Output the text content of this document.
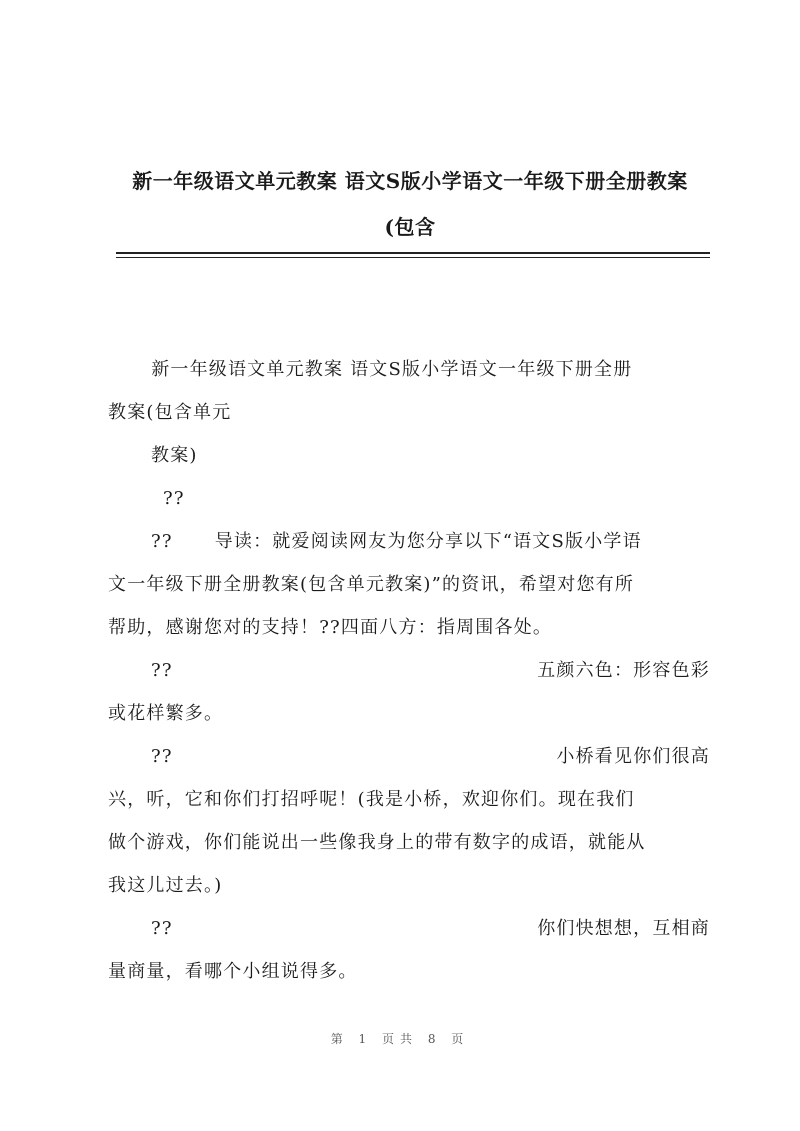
新一年级语文单元教案 语文S版小学语文一年级下册全册教案
(包含

新一年级语文单元教案 语文S版小学语文一年级下册全册

教案(包含单元

教案)

??

?? 导读：就爱阅读网友为您分享以下“语文S版小学语

文一年级下册全册教案(包含单元教案)”的资讯，希望对您有所

帮助，感谢您对的支持！??四面八方：指周围各处。

??	五颜六色：形容色彩

或花样繁多。

??	小桥看见你们很高

兴，听，它和你们打招呼呢！(我是小桥，欢迎你们。现在我们

做个游戏，你们能说出一些像我身上的带有数字的成语，就能从

我这儿过去。)

??	你们快想想，互相商

量商量，看哪个小组说得多。

第 1 页共 8 页
